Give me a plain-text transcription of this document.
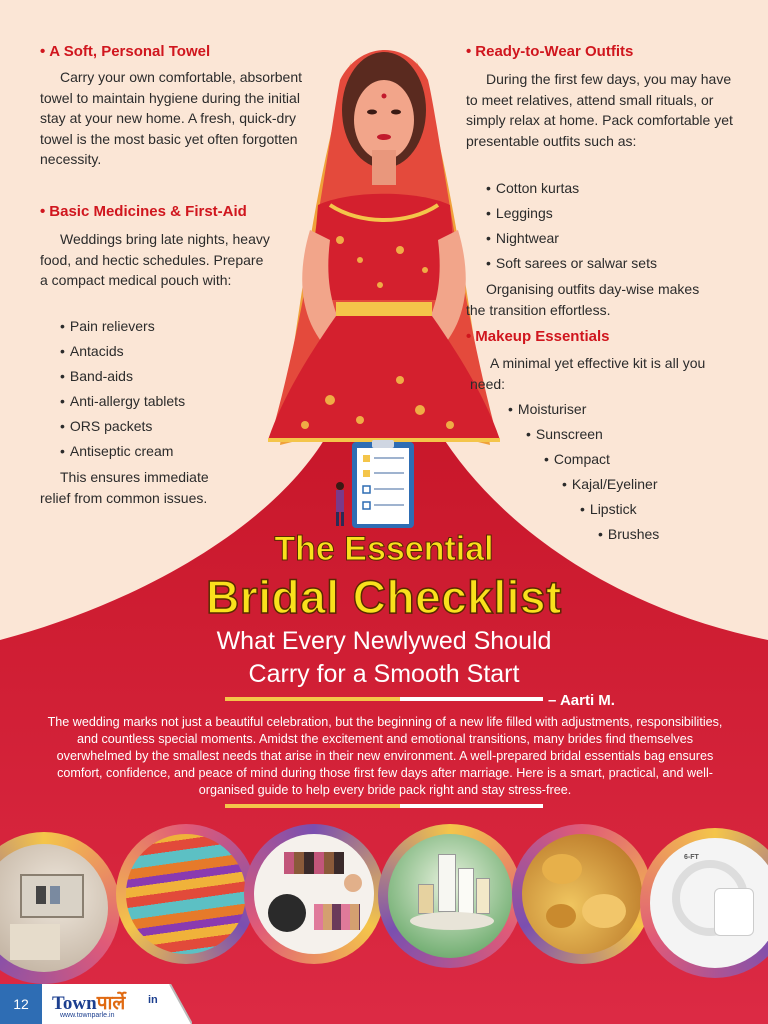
• A Soft, Personal Towel
Carry your own comfortable, absorbent towel to maintain hygiene during the initial stay at your new home. A fresh, quick-dry towel is the most basic yet often forgotten necessity.
• Basic Medicines & First-Aid
Weddings bring late nights, heavy food, and hectic schedules. Prepare a compact medical pouch with:
• Pain relievers
• Antacids
• Band-aids
• Anti-allergy tablets
• ORS packets
• Antiseptic cream
This ensures immediate relief from common issues.
• Ready-to-Wear Outfits
During the first few days, you may have to meet relatives, attend small rituals, or simply relax at home. Pack comfortable yet presentable outfits such as:
• Cotton kurtas
• Leggings
• Nightwear
• Soft sarees or salwar sets
Organising outfits day-wise makes the transition effortless.
• Makeup Essentials
A minimal yet effective kit is all you need:
• Moisturiser
• Sunscreen
• Compact
• Kajal/Eyeliner
• Lipstick
• Brushes
The Essential
Bridal Checklist
What Every Newlywed Should
Carry for a Smooth Start
– Aarti M.
The wedding marks not just a beautiful celebration, but the beginning of a new life filled with adjustments, responsibilities, and countless special moments. Amidst the excitement and emotional transitions, many brides find themselves overwhelmed by the smallest needs that arise in their new environment. A well-prepared bridal essentials bag ensures comfort, confidence, and peace of mind during those first few days after marriage. Here is a smart, practical, and well-organised guide to help every bride pack right and stay stress-free.
6-FT
12	Townपार्ले in
www.townparle.in
